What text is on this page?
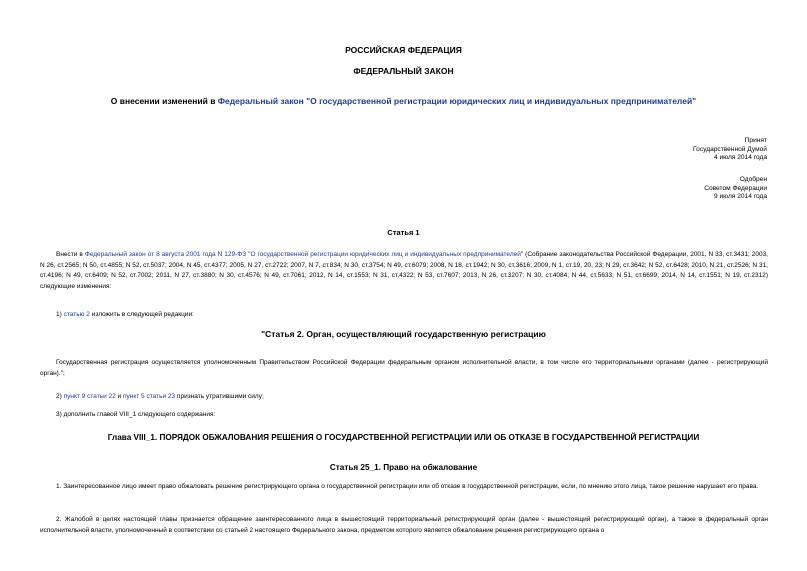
РОССИЙСКАЯ ФЕДЕРАЦИЯ
ФЕДЕРАЛЬНЫЙ ЗАКОН
О внесении изменений в Федеральный закон "О государственной регистрации юридических лиц и индивидуальных предпринимателей"
Принят
Государственной Думой
4 июля 2014 года
Одобрен
Советом Федерации
9 июля 2014 года
Статья 1
Внести в Федеральный закон от 8 августа 2001 года N 129-ФЗ "О государственной регистрации юридических лиц и индивидуальных предпринимателей" (Собрание законодательства Российской Федерации, 2001, N 33, ст.3431; 2003, N 26, ст.2565; N 50, ст.4855; N 52, ст.5037; 2004, N 45, ст.4377; 2005, N 27, ст.2722; 2007, N 7, ст.834; N 30, ст.3754; N 49, ст.6079; 2008, N 18, ст.1942; N 30, ст.3616; 2009, N 1, ст.19, 20, 23; N 29, ст.3642; N 52, ст.6428; 2010, N 21, ст.2526; N 31, ст.4196; N 49, ст.6409; N 52, ст.7002; 2011, N 27, ст.3880; N 30, ст.4576; N 49, ст.7061; 2012, N 14, ст.1553; N 31, ст.4322; N 53, ст.7607; 2013, N 26, ст.3207; N 30, ст.4084; N 44, ст.5633; N 51, ст.6699; 2014, N 14, ст.1551; N 19, ст.2312) следующие изменения:
1) статью 2 изложить в следующей редакции:
"Статья 2. Орган, осуществляющий государственную регистрацию
Государственная регистрация осуществляется уполномоченным Правительством Российской Федерации федеральным органом исполнительной власти, в том числе его территориальными органами (далее - регистрирующий орган).";
2) пункт 9 статьи 22 и пункт 5 статьи 23 признать утратившими силу;
3) дополнить главой VIII_1 следующего содержания:
Глава VIII_1. ПОРЯДОК ОБЖАЛОВАНИЯ РЕШЕНИЯ О ГОСУДАРСТВЕННОЙ РЕГИСТРАЦИИ ИЛИ ОБ ОТКАЗЕ В ГОСУДАРСТВЕННОЙ РЕГИСТРАЦИИ
Статья 25_1. Право на обжалование
1. Заинтересованное лицо имеет право обжаловать решение регистрирующего органа о государственной регистрации или об отказе в государственной регистрации, если, по мнению этого лица, такое решение нарушает его права.
2. Жалобой в целях настоящей главы признается обращение заинтересованного лица в вышестоящий территориальный регистрирующий орган (далее - вышестоящий регистрирующий орган), а также в федеральный орган исполнительной власти, уполномоченный в соответствии со статьей 2 настоящего Федерального закона, предметом которого является обжалование решения регистрирующего органа о
